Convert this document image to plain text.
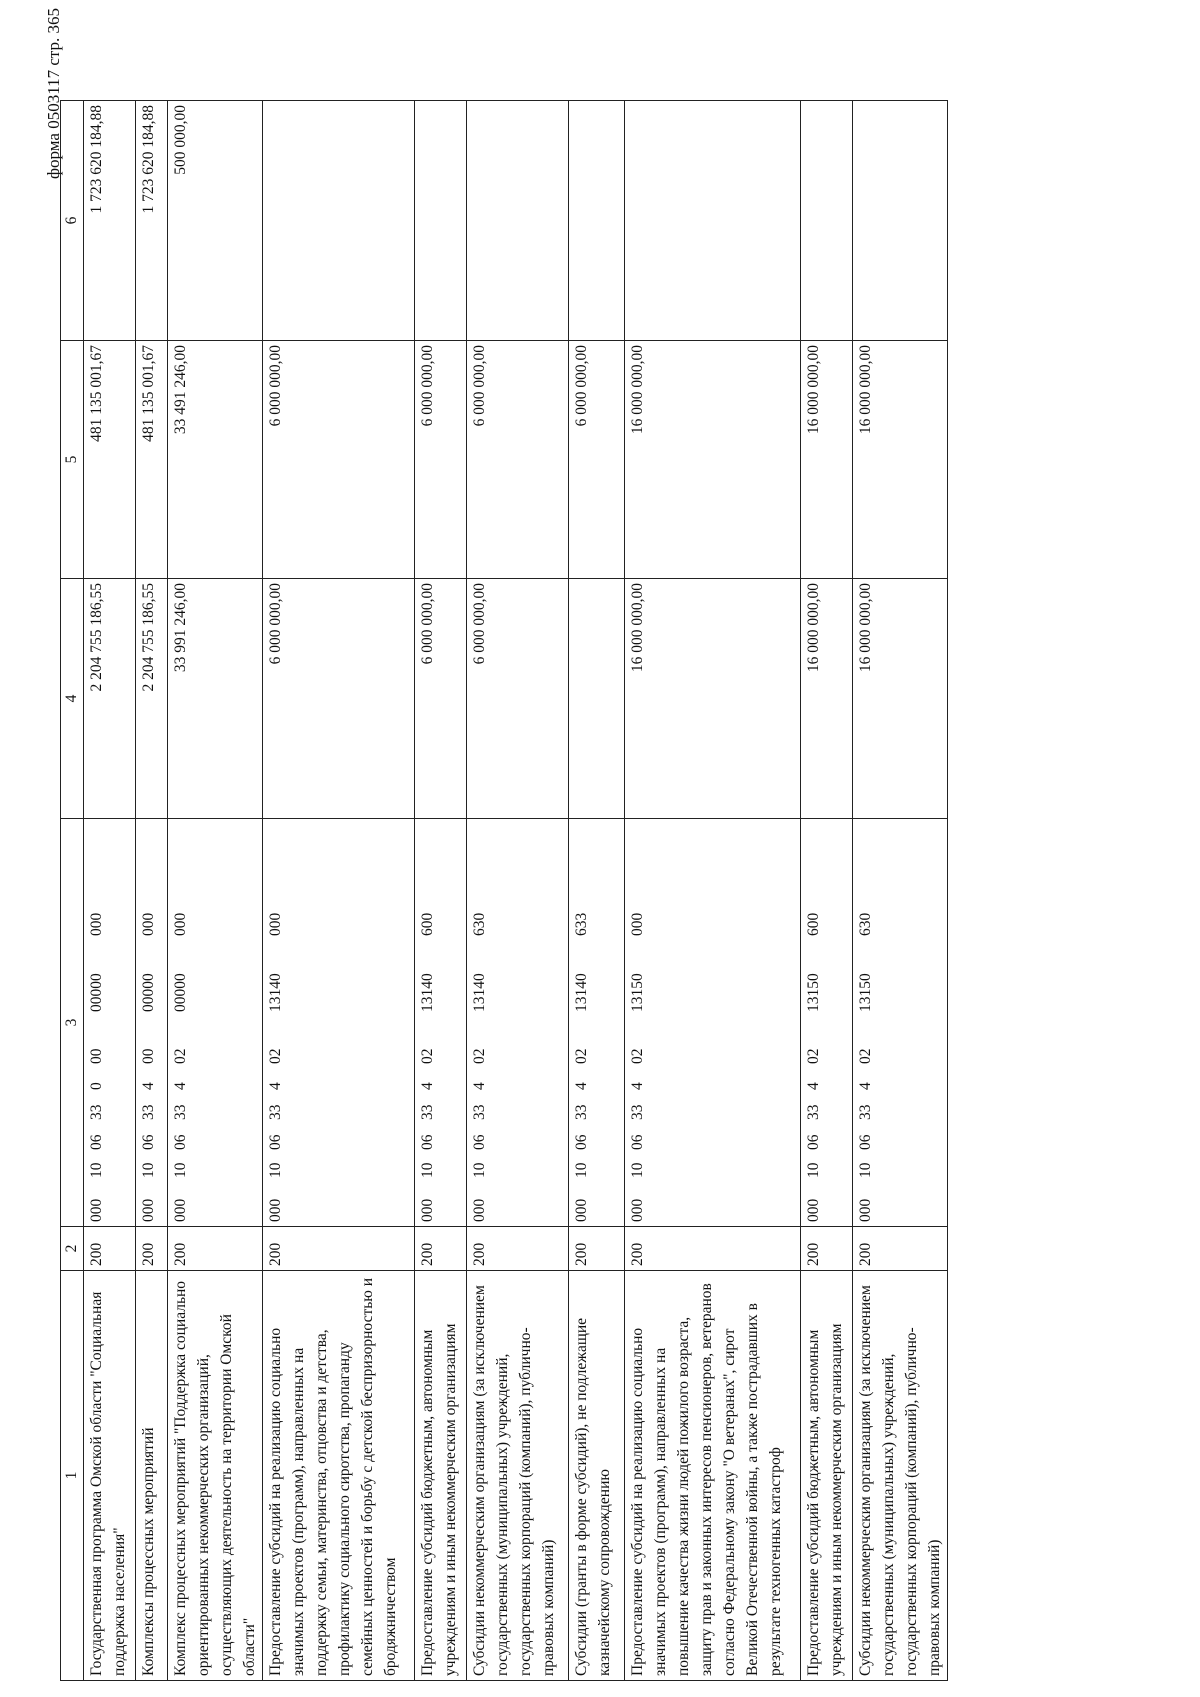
форма 0503117 стр. 365
1	2	3	4	5	6
Государственная программа Омской области "Социальная поддержка населения"	200	00010063300000000000	2 204 755 186,55	481 135 001,67	1 723 620 184,88
Комплексы процессных мероприятий	200	00010063340000000000	2 204 755 186,55	481 135 001,67	1 723 620 184,88
Комплекс процессных мероприятий "Поддержка социально ориентированных некоммерческих организаций, осуществляющих деятельность на территории Омской области"	200	00010063340200000000	33 991 246,00	33 491 246,00	500 000,00
Предоставление субсидий на реализацию социально значимых проектов (программ), направленных на поддержку семьи, материнства, отцовства и детства, профилактику социального сиротства, пропаганду семейных ценностей и борьбу с детской беспризорностью и бродяжничеством	200	00010063340213140000	6 000 000,00	6 000 000,00	
Предоставление субсидий бюджетным, автономным учреждениям и иным некоммерческим организациям	200	00010063340213140600	6 000 000,00	6 000 000,00	
Субсидии некоммерческим организациям (за исключением государственных (муниципальных) учреждений, государственных корпораций (компаний), публично-правовых компаний)	200	00010063340213140630	6 000 000,00	6 000 000,00	
Субсидии (гранты в форме субсидий), не подлежащие казначейскому сопровождению	200	00010063340213140633		6 000 000,00	
Предоставление субсидий на реализацию социально значимых проектов (программ), направленных на повышение качества жизни людей пожилого возраста, защиту прав и законных интересов пенсионеров, ветеранов согласно Федеральному закону "О ветеранах", сирот Великой Отечественной войны, а также пострадавших в результате техногенных катастроф	200	00010063340213150000	16 000 000,00	16 000 000,00	
Предоставление субсидий бюджетным, автономным учреждениям и иным некоммерческим организациям	200	00010063340213150600	16 000 000,00	16 000 000,00	
Субсидии некоммерческим организациям (за исключением государственных (муниципальных) учреждений, государственных корпораций (компаний), публично-правовых компаний)	200	00010063340213150630	16 000 000,00	16 000 000,00	
